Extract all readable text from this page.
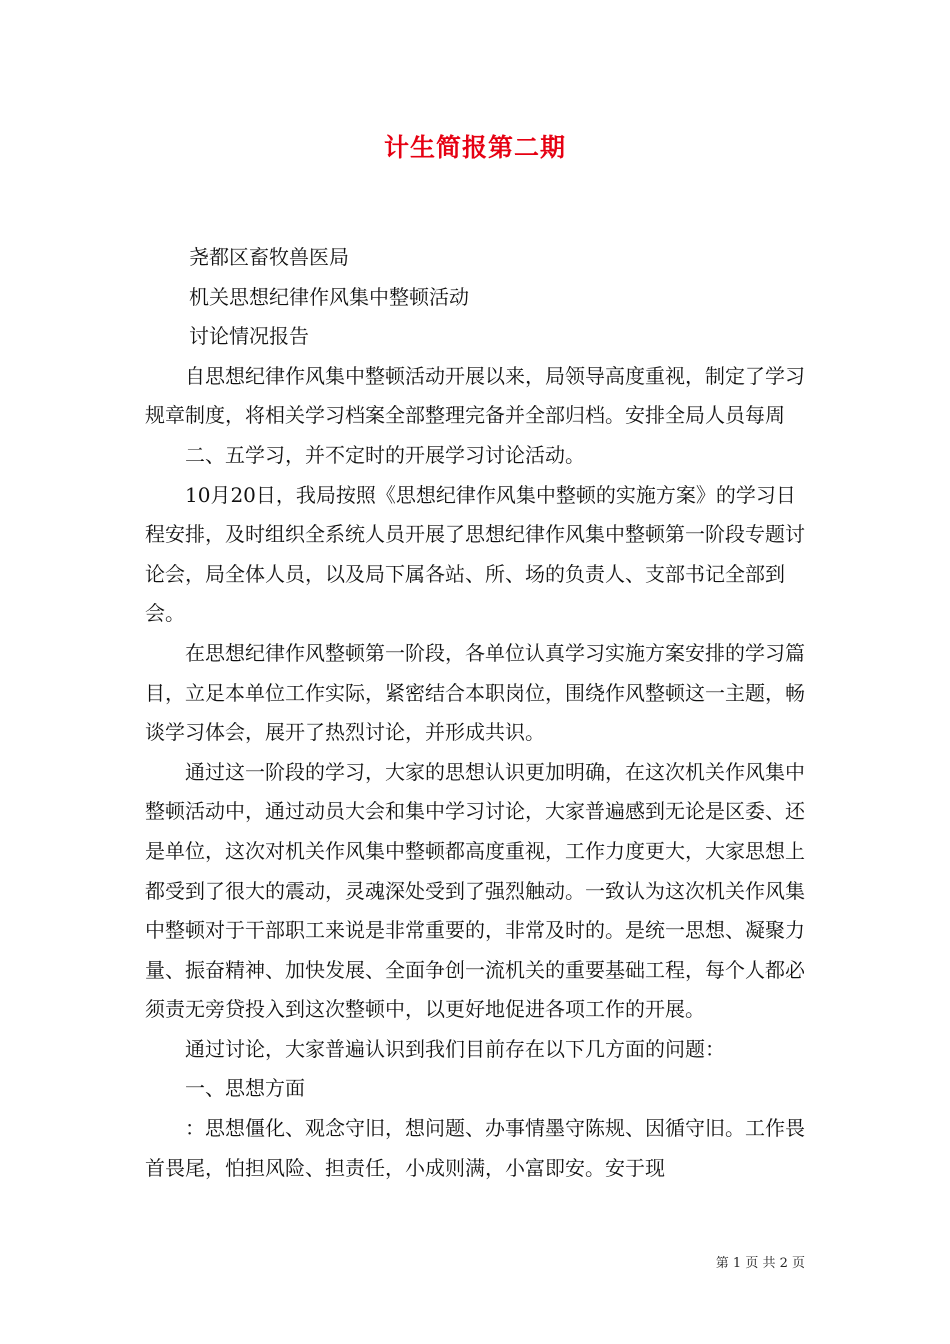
计生简报第二期

尧都区畜牧兽医局

机关思想纪律作风集中整顿活动

讨论情况报告

自思想纪律作风集中整顿活动开展以来，局领导高度重视，制定了学习规章制度，将相关学习档案全部整理完备并全部归档。安排全局人员每周

二、五学习，并不定时的开展学习讨论活动。

10月20日，我局按照《思想纪律作风集中整顿的实施方案》的学习日程安排，及时组织全系统人员开展了思想纪律作风集中整顿第一阶段专题讨论会，局全体人员，以及局下属各站、所、场的负责人、支部书记全部到会。

在思想纪律作风整顿第一阶段，各单位认真学习实施方案安排的学习篇目，立足本单位工作实际，紧密结合本职岗位，围绕作风整顿这一主题，畅谈学习体会，展开了热烈讨论，并形成共识。

通过这一阶段的学习，大家的思想认识更加明确，在这次机关作风集中整顿活动中，通过动员大会和集中学习讨论，大家普遍感到无论是区委、还是单位，这次对机关作风集中整顿都高度重视，工作力度更大，大家思想上都受到了很大的震动，灵魂深处受到了强烈触动。一致认为这次机关作风集中整顿对于干部职工来说是非常重要的，非常及时的。是统一思想、凝聚力量、振奋精神、加快发展、全面争创一流机关的重要基础工程，每个人都必须责无旁贷投入到这次整顿中，以更好地促进各项工作的开展。

通过讨论，大家普遍认识到我们目前存在以下几方面的问题：

一、思想方面

：思想僵化、观念守旧，想问题、办事情墨守陈规、因循守旧。工作畏首畏尾，怕担风险、担责任，小成则满，小富即安。安于现

第 1 页 共 2 页
